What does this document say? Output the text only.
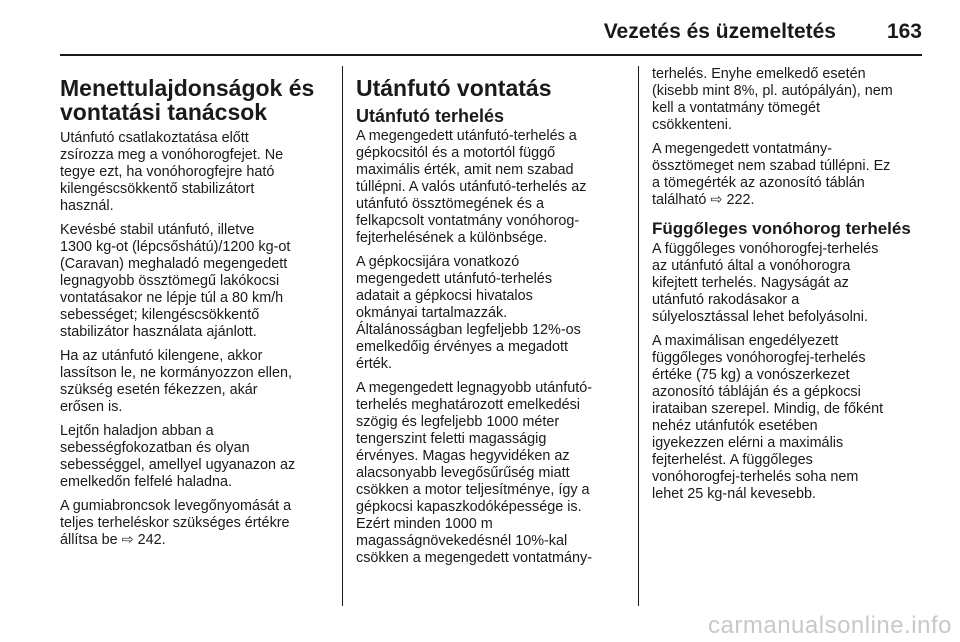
Vezetés és üzemeltetés 163
Menettulajdonságok és
vontatási tanácsok

Utánfutó csatlakoztatása előtt
zsírozza meg a vonóhorogfejet. Ne
tegye ezt, ha vonóhorogfejre ható
kilengéscsökkentő stabilizátort
használ.

Kevésbé stabil utánfutó, illetve
1300 kg-ot (lépcsőshátú)/1200 kg-ot
(Caravan) meghaladó megengedett
legnagyobb össztömegű lakókocsi
vontatásakor ne lépje túl a 80 km/h
sebességet; kilengéscsökkentő
stabilizátor használata ajánlott.

Ha az utánfutó kilengene, akkor
lassítson le, ne kormányozzon ellen,
szükség esetén fékezzen, akár
erősen is.

Lejtőn haladjon abban a
sebességfokozatban és olyan
sebességgel, amellyel ugyanazon az
emelkedőn felfelé haladna.

A gumiabroncsok levegőnyomását a
teljes terheléskor szükséges értékre
állítsa be ⇨ 242.

Utánfutó vontatás
Utánfutó terhelés

A megengedett utánfutó-terhelés a
gépkocsitól és a motortól függő
maximális érték, amit nem szabad
túllépni. A valós utánfutó-terhelés az
utánfutó össztömegének és a
felkapcsolt vontatmány vonóhorog-
fejterhelésének a különbsége.

A gépkocsijára vonatkozó
megengedett utánfutó-terhelés
adatait a gépkocsi hivatalos
okmányai tartalmazzák.
Általánosságban legfeljebb 12%-os
emelkedőig érvényes a megadott
érték.

A megengedett legnagyobb utánfutó-
terhelés meghatározott emelkedési
szögig és legfeljebb 1000 méter
tengerszint feletti magasságig
érvényes. Magas hegyvidéken az
alacsonyabb levegősűrűség miatt
csökken a motor teljesítménye, így a
gépkocsi kapaszkodóképessége is.
Ezért minden 1000 m
magasságnövekedésnél 10%-kal
csökken a megengedett vontatmány-

terhelés. Enyhe emelkedő esetén
(kisebb mint 8%, pl. autópályán), nem
kell a vontatmány tömegét
csökkenteni.

A megengedett vontatmány-
össztömeget nem szabad túllépni. Ez
a tömegérték az azonosító táblán
található ⇨ 222.

Függőleges vonóhorog terhelés

A függőleges vonóhorogfej-terhelés
az utánfutó által a vonóhorogra
kifejtett terhelés. Nagyságát az
utánfutó rakodásakor a
súlyelosztással lehet befolyásolni.

A maximálisan engedélyezett
függőleges vonóhorogfej-terhelés
értéke (75 kg) a vonószerkezet
azonosító tábláján és a gépkocsi
irataiban szerepel. Mindig, de főként
nehéz utánfutók esetében
igyekezzen elérni a maximális
fejterhelést. A függőleges
vonóhorogfej-terhelés soha nem
lehet 25 kg-nál kevesebb.

carmanualsonline.info
